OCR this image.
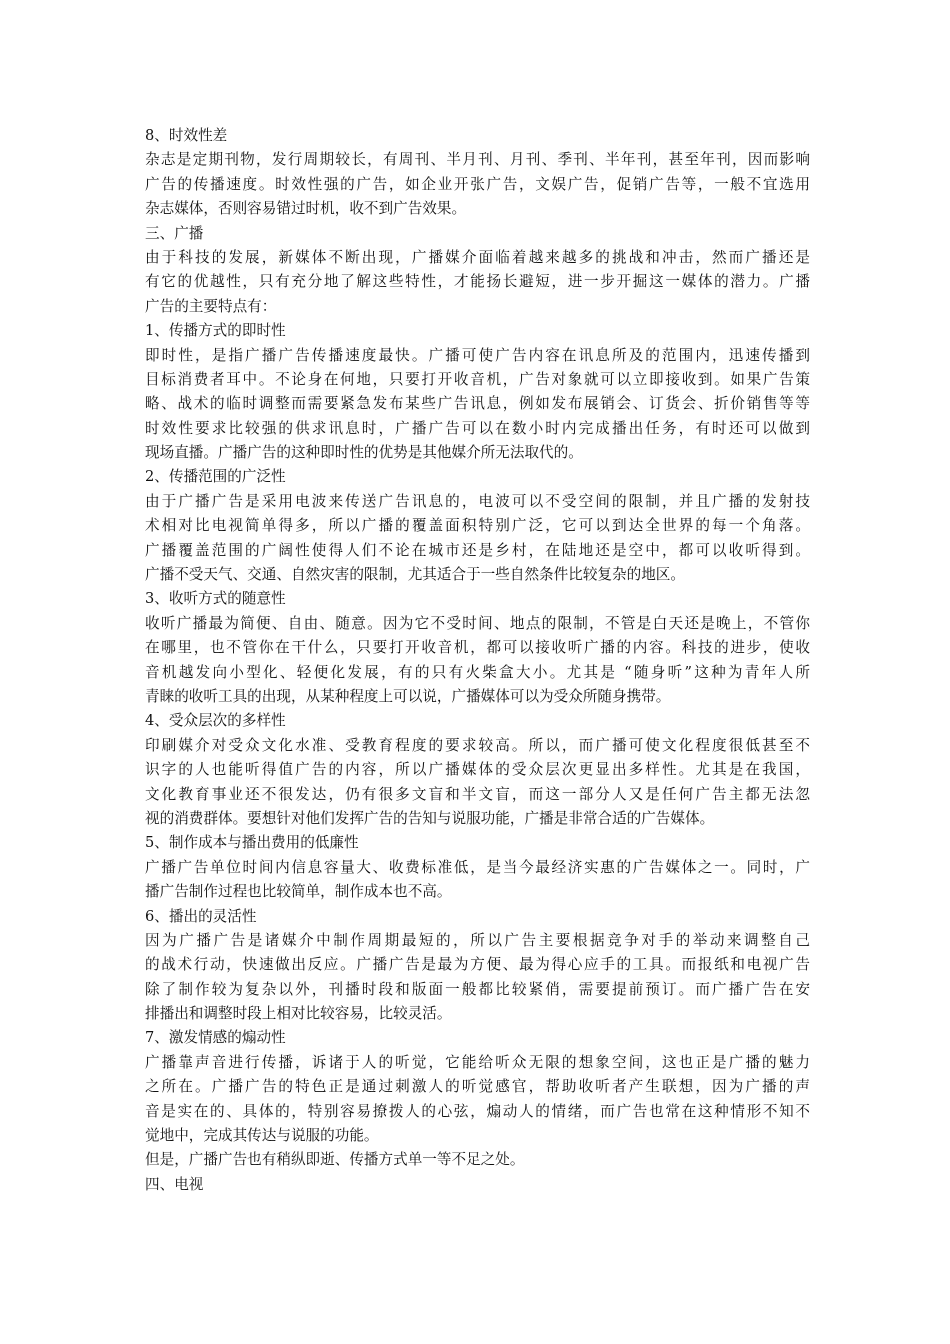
8、时效性差
杂志是定期刊物，发行周期较长，有周刊、半月刊、月刊、季刊、半年刊，甚至年刊，因而影响
广告的传播速度。时效性强的广告，如企业开张广告，文娱广告，促销广告等，一般不宜选用
杂志媒体，否则容易错过时机，收不到广告效果。
三、广播
由于科技的发展，新媒体不断出现，广播媒介面临着越来越多的挑战和冲击，然而广播还是
有它的优越性，只有充分地了解这些特性，才能扬长避短，进一步开掘这一媒体的潜力。广播
广告的主要特点有：
1、传播方式的即时性
即时性，是指广播广告传播速度最快。广播可使广告内容在讯息所及的范围内，迅速传播到
目标消费者耳中。不论身在何地，只要打开收音机，广告对象就可以立即接收到。如果广告策
略、战术的临时调整而需要紧急发布某些广告讯息，例如发布展销会、订货会、折价销售等等
时效性要求比较强的供求讯息时，广播广告可以在数小时内完成播出任务，有时还可以做到
现场直播。广播广告的这种即时性的优势是其他媒介所无法取代的。
2、传播范围的广泛性
由于广播广告是采用电波来传送广告讯息的，电波可以不受空间的限制，并且广播的发射技
术相对比电视简单得多，所以广播的覆盖面积特别广泛，它可以到达全世界的每一个角落。
广播覆盖范围的广阔性使得人们不论在城市还是乡村，在陆地还是空中，都可以收听得到。
广播不受天气、交通、自然灾害的限制，尤其适合于一些自然条件比较复杂的地区。
3、收听方式的随意性
收听广播最为简便、自由、随意。因为它不受时间、地点的限制，不管是白天还是晚上，不管你
在哪里，也不管你在干什么，只要打开收音机，都可以接收听广播的内容。科技的进步，使收
音机越发向小型化、轻便化发展，有的只有火柴盒大小。尤其是 “随身听”这种为青年人所
青睐的收听工具的出现，从某种程度上可以说，广播媒体可以为受众所随身携带。
4、受众层次的多样性
印刷媒介对受众文化水准、受教育程度的要求较高。所以，而广播可使文化程度很低甚至不
识字的人也能听得值广告的内容，所以广播媒体的受众层次更显出多样性。尤其是在我国，
文化教育事业还不很发达，仍有很多文盲和半文盲，而这一部分人又是任何广告主都无法忽
视的消费群体。要想针对他们发挥广告的告知与说服功能，广播是非常合适的广告媒体。
5、制作成本与播出费用的低廉性
广播广告单位时间内信息容量大、收费标准低，是当今最经济实惠的广告媒体之一。同时，广
播广告制作过程也比较简单，制作成本也不高。
6、播出的灵活性
因为广播广告是诸媒介中制作周期最短的，所以广告主要根据竞争对手的举动来调整自己
的战术行动，快速做出反应。广播广告是最为方便、最为得心应手的工具。而报纸和电视广告
除了制作较为复杂以外，刊播时段和版面一般都比较紧俏，需要提前预订。而广播广告在安
排播出和调整时段上相对比较容易，比较灵活。
7、激发情感的煽动性
广播靠声音进行传播，诉诸于人的听觉，它能给听众无限的想象空间，这也正是广播的魅力
之所在。广播广告的特色正是通过刺激人的听觉感官，帮助收听者产生联想，因为广播的声
音是实在的、具体的，特别容易撩拨人的心弦，煽动人的情绪，而广告也常在这种情形不知不
觉地中，完成其传达与说服的功能。
但是，广播广告也有稍纵即逝、传播方式单一等不足之处。
四、电视
